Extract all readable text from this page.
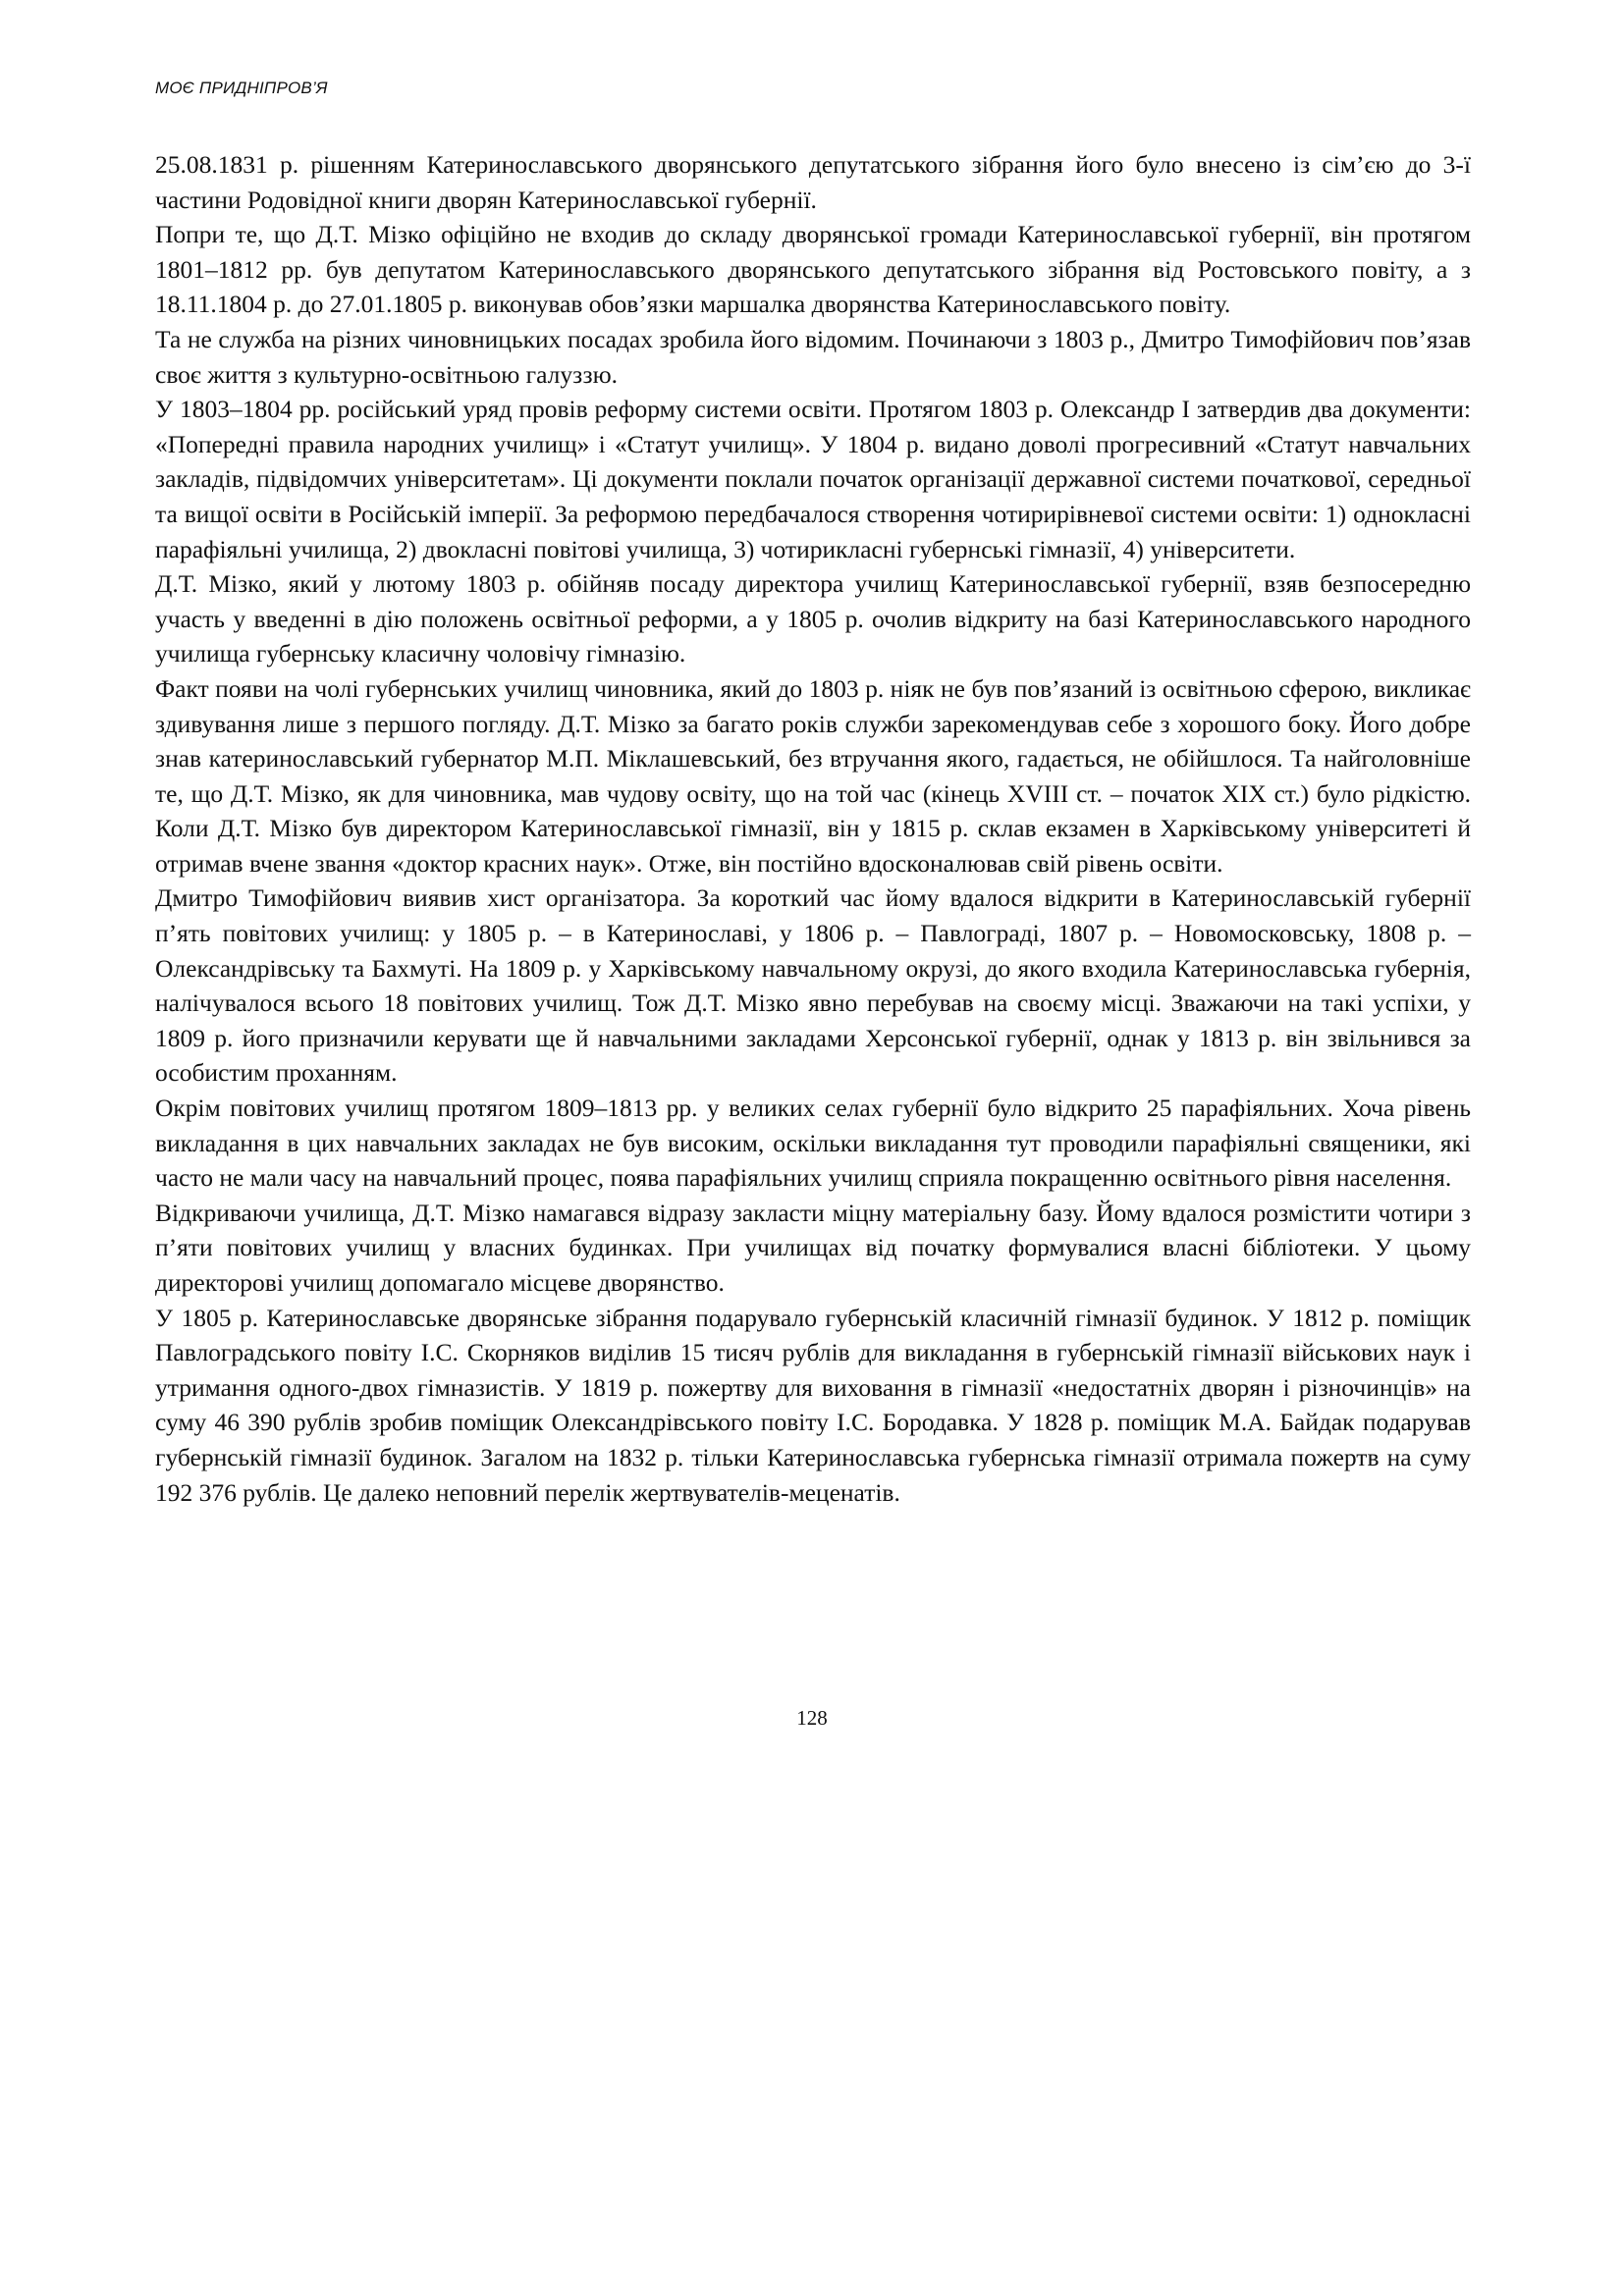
МОЄ ПРИДНІПРОВ’Я

25.08.1831 р. рішенням Катеринославського дворянського депутатського зібрання його було внесено із сім’єю до 3-ї частини Родовідної книги дворян Катеринославської губернії.

Попри те, що Д.Т. Мізко офіційно не входив до складу дворянської громади Катеринославської губернії, він протягом 1801–1812 рр. був депутатом Катеринославського дворянського депутатського зібрання від Ростовського повіту, а з 18.11.1804 р. до 27.01.1805 р. виконував обов’язки маршалка дворянства Катеринославського повіту.

Та не служба на різних чиновницьких посадах зробила його відомим. Починаючи з 1803 р., Дмитро Тимофійович пов’язав своє життя з культурно-освітньою галуззю.

У 1803–1804 рр. російський уряд провів реформу системи освіти. Протягом 1803 р. Олександр I затвердив два документи: «Попередні правила народних училищ» і «Статут училищ». У 1804 р. видано доволі прогресивний «Статут навчальних закладів, підвідомчих університетам». Ці документи поклали початок організації державної системи початкової, середньої та вищої освіти в Російській імперії. За реформою передбачалося створення чотирирівневої системи освіти: 1) однокласні парафіяльні училища, 2) двокласні повітові училища, 3) чотирикласні губернські гімназії, 4) університети.

Д.Т. Мізко, який у лютому 1803 р. обійняв посаду директора училищ Катеринославської губернії, взяв безпосередню участь у введенні в дію положень освітньої реформи, а у 1805 р. очолив відкриту на базі Катеринославського народного училища губернську класичну чоловічу гімназію.

Факт появи на чолі губернських училищ чиновника, який до 1803 р. ніяк не був пов’язаний із освітньою сферою, викликає здивування лише з першого погляду. Д.Т. Мізко за багато років служби зарекомендував себе з хорошого боку. Його добре знав катеринославський губернатор М.П. Міклашевський, без втручання якого, гадається, не обійшлося. Та найголовніше те, що Д.Т. Мізко, як для чиновника, мав чудову освіту, що на той час (кінець XVIII ст. – початок XIX ст.) було рідкістю. Коли Д.Т. Мізко був директором Катеринославської гімназії, він у 1815 р. склав екзамен в Харківському університеті й отримав вчене звання «доктор красних наук». Отже, він постійно вдосконалював свій рівень освіти.

Дмитро Тимофійович виявив хист організатора. За короткий час йому вдалося відкрити в Катеринославській губернії п’ять повітових училищ: у 1805 р. – в Катеринославі, у 1806 р. – Павлограді, 1807 р. – Новомосковську, 1808 р. – Олександрівську та Бахмуті. На 1809 р. у Харківському навчальному окрузі, до якого входила Катеринославська губернія, налічувалося всього 18 повітових училищ. Тож Д.Т. Мізко явно перебував на своєму місці. Зважаючи на такі успіхи, у 1809 р. його призначили керувати ще й навчальними закладами Херсонської губернії, однак у 1813 р. він звільнився за особистим проханням.

Окрім повітових училищ протягом 1809–1813 рр. у великих селах губернії було відкрито 25 парафіяльних. Хоча рівень викладання в цих навчальних закладах не був високим, оскільки викладання тут проводили парафіяльні священики, які часто не мали часу на навчальний процес, поява парафіяльних училищ сприяла покращенню освітнього рівня населення.

Відкриваючи училища, Д.Т. Мізко намагався відразу закласти міцну матеріальну базу. Йому вдалося розмістити чотири з п’яти повітових училищ у власних будинках. При училищах від початку формувалися власні бібліотеки. У цьому директорові училищ допомагало місцеве дворянство.

У 1805 р. Катеринославське дворянське зібрання подарувало губернській класичній гімназії будинок. У 1812 р. поміщик Павлоградського повіту І.С. Скорняков виділив 15 тисяч рублів для викладання в губернській гімназії військових наук і утримання одного-двох гімназистів. У 1819 р. пожертву для виховання в гімназії «недостатніх дворян і різночинців» на суму 46 390 рублів зробив поміщик Олександрівського повіту І.С. Бородавка. У 1828 р. поміщик М.А. Байдак подарував губернській гімназії будинок. Загалом на 1832 р. тільки Катеринославська губернська гімназії отримала пожертв на суму 192 376 рублів. Це далеко неповний перелік жертвувателів-меценатів.

128
